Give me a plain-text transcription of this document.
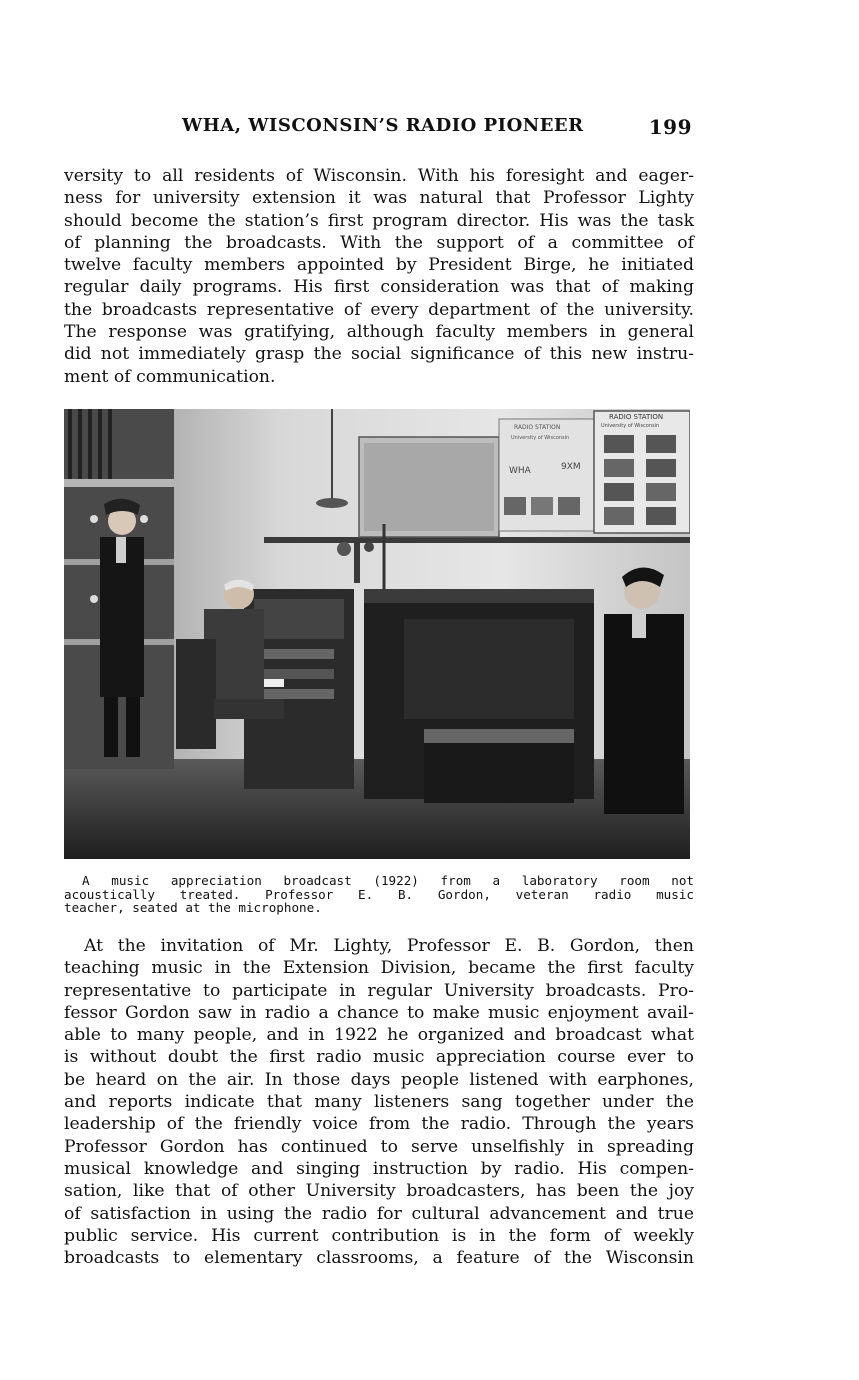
WHA, WISCONSIN’S RADIO PIONEER	199
versity to all residents of Wisconsin. With his foresight and eager-
ness for university extension it was natural that Professor Lighty
should become the station’s first program director. His was the task
of planning the broadcasts. With the support of a committee of
twelve faculty members appointed by President Birge, he initiated
regular daily programs. His first consideration was that of making
the broadcasts representative of every department of the university.
The response was gratifying, although faculty members in general
did not immediately grasp the social significance of this new instru-
ment of communication.
RADIO STATION
University of Wisconsin
WHA	9XM
RADIO STATION
University of Wisconsin
A music appreciation broadcast (1922) from a laboratory room not
acoustically treated. Professor E. B. Gordon, veteran radio music
teacher, seated at the microphone.
At the invitation of Mr. Lighty, Professor E. B. Gordon, then
teaching music in the Extension Division, became the first faculty
representative to participate in regular University broadcasts. Pro-
fessor Gordon saw in radio a chance to make music enjoyment avail-
able to many people, and in 1922 he organized and broadcast what
is without doubt the first radio music appreciation course ever to
be heard on the air. In those days people listened with earphones,
and reports indicate that many listeners sang together under the
leadership of the friendly voice from the radio. Through the years
Professor Gordon has continued to serve unselfishly in spreading
musical knowledge and singing instruction by radio. His compen-
sation, like that of other University broadcasters, has been the joy
of satisfaction in using the radio for cultural advancement and true
public service. His current contribution is in the form of weekly
broadcasts to elementary classrooms, a feature of the Wisconsin
